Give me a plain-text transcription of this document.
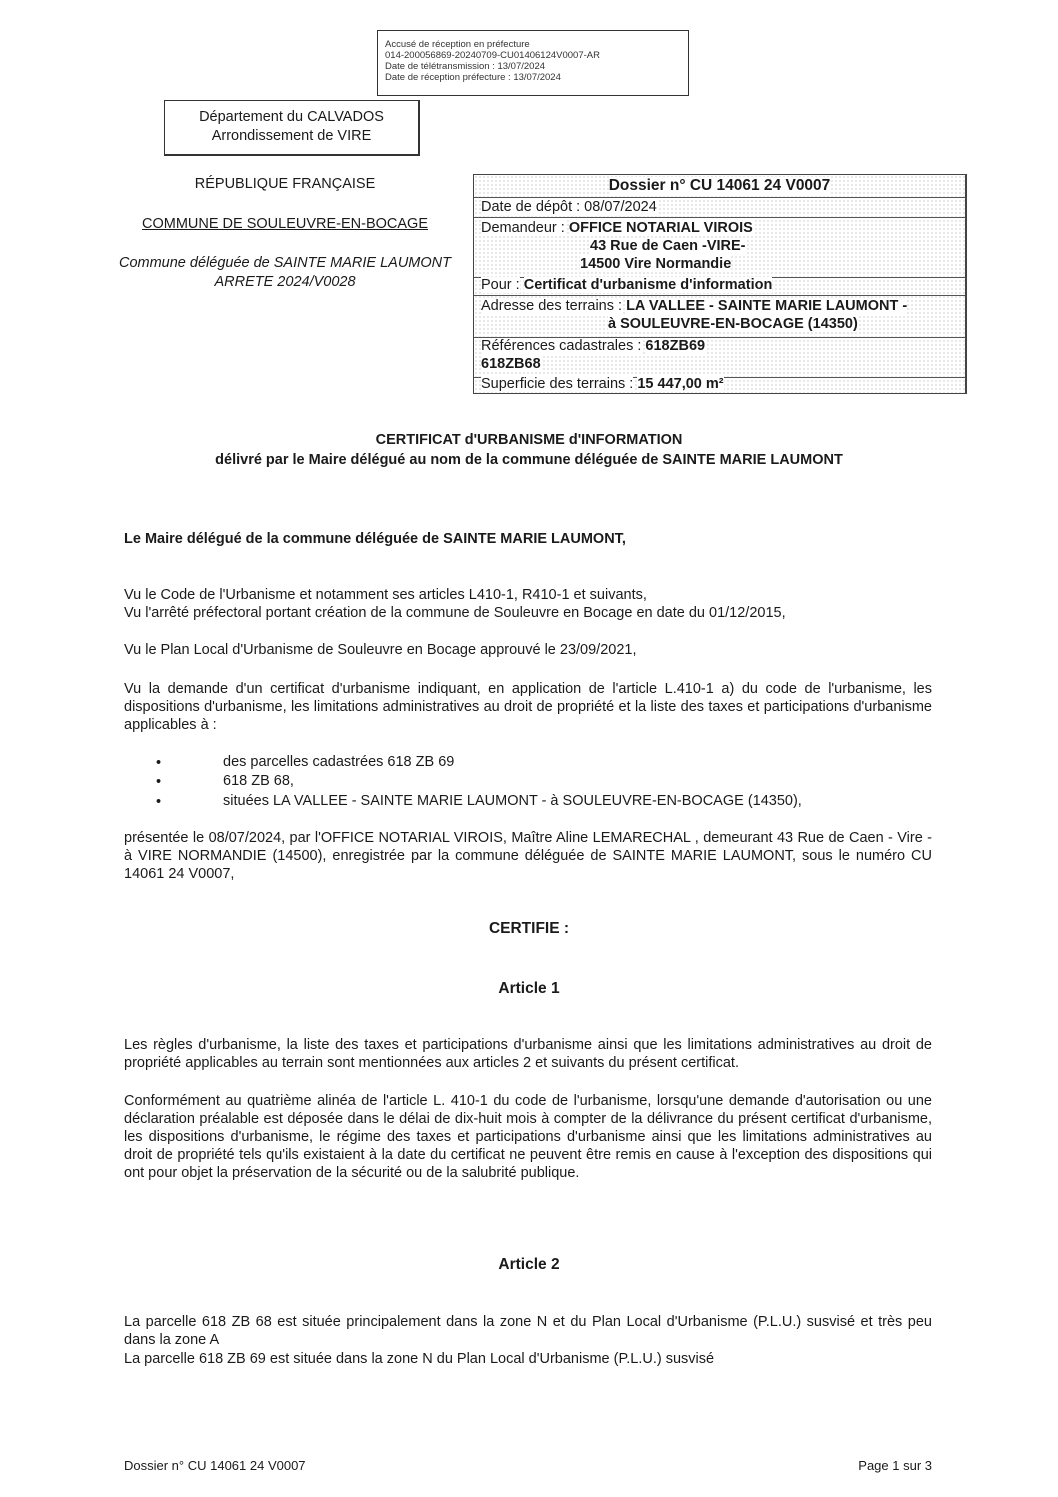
Accusé de réception en préfecture
014-200056869-20240709-CU01406124V0007-AR
Date de télétransmission : 13/07/2024
Date de réception préfecture : 13/07/2024
Département du CALVADOS
Arrondissement de VIRE
RÉPUBLIQUE FRANÇAISE
COMMUNE DE SOULEUVRE-EN-BOCAGE
Commune déléguée de SAINTE MARIE LAUMONT
ARRETE 2024/V0028
Dossier n° CU 14061 24 V0007
Date de dépôt : 08/07/2024
Demandeur : OFFICE NOTARIAL VIROIS
43 Rue de Caen -VIRE-
14500 Vire Normandie
Pour : Certificat d'urbanisme d'information
Adresse des terrains : LA VALLEE - SAINTE MARIE LAUMONT -
à SOULEUVRE-EN-BOCAGE (14350)
Références cadastrales : 618ZB69
618ZB68
Superficie des terrains : 15 447,00 m²
CERTIFICAT d'URBANISME d'INFORMATION
délivré par le Maire délégué au nom de la commune déléguée de SAINTE MARIE LAUMONT
Le Maire délégué de la commune déléguée de SAINTE MARIE LAUMONT,
Vu le Code de l'Urbanisme et notamment ses articles L410-1, R410-1 et suivants,
Vu l'arrêté préfectoral portant création de la commune de Souleuvre en Bocage en date du 01/12/2015,
Vu le Plan Local d'Urbanisme de Souleuvre en Bocage approuvé le 23/09/2021,
Vu la demande d'un certificat d'urbanisme indiquant, en application de l'article L.410-1 a) du code de l'urbanisme, les dispositions d'urbanisme, les limitations administratives au droit de propriété et la liste des taxes et participations d'urbanisme applicables à :
•	des parcelles cadastrées 618 ZB 69
•	618 ZB 68,
•	situées LA VALLEE - SAINTE MARIE LAUMONT - à SOULEUVRE-EN-BOCAGE (14350),
présentée le 08/07/2024, par l'OFFICE NOTARIAL VIROIS, Maître Aline LEMARECHAL , demeurant 43 Rue de Caen - Vire - à VIRE NORMANDIE (14500), enregistrée par la commune déléguée de SAINTE MARIE LAUMONT, sous le numéro CU 14061 24 V0007,
CERTIFIE :
Article 1
Les règles d'urbanisme, la liste des taxes et participations d'urbanisme ainsi que les limitations administratives au droit de propriété applicables au terrain sont mentionnées aux articles 2 et suivants du présent certificat.
Conformément au quatrième alinéa de l'article L. 410-1 du code de l'urbanisme, lorsqu'une demande d'autorisation ou une déclaration préalable est déposée dans le délai de dix-huit mois à compter de la délivrance du présent certificat d'urbanisme, les dispositions d'urbanisme, le régime des taxes et participations d'urbanisme ainsi que les limitations administratives au droit de propriété tels qu'ils existaient à la date du certificat ne peuvent être remis en cause à l'exception des dispositions qui ont pour objet la préservation de la sécurité ou de la salubrité publique.
Article 2
La parcelle 618 ZB 68 est située principalement dans la zone N et du Plan Local d'Urbanisme (P.L.U.) susvisé et très peu dans la zone A
La parcelle 618 ZB 69 est située dans la zone N du Plan Local d'Urbanisme (P.L.U.) susvisé
Dossier n° CU 14061 24 V0007	Page 1 sur 3
